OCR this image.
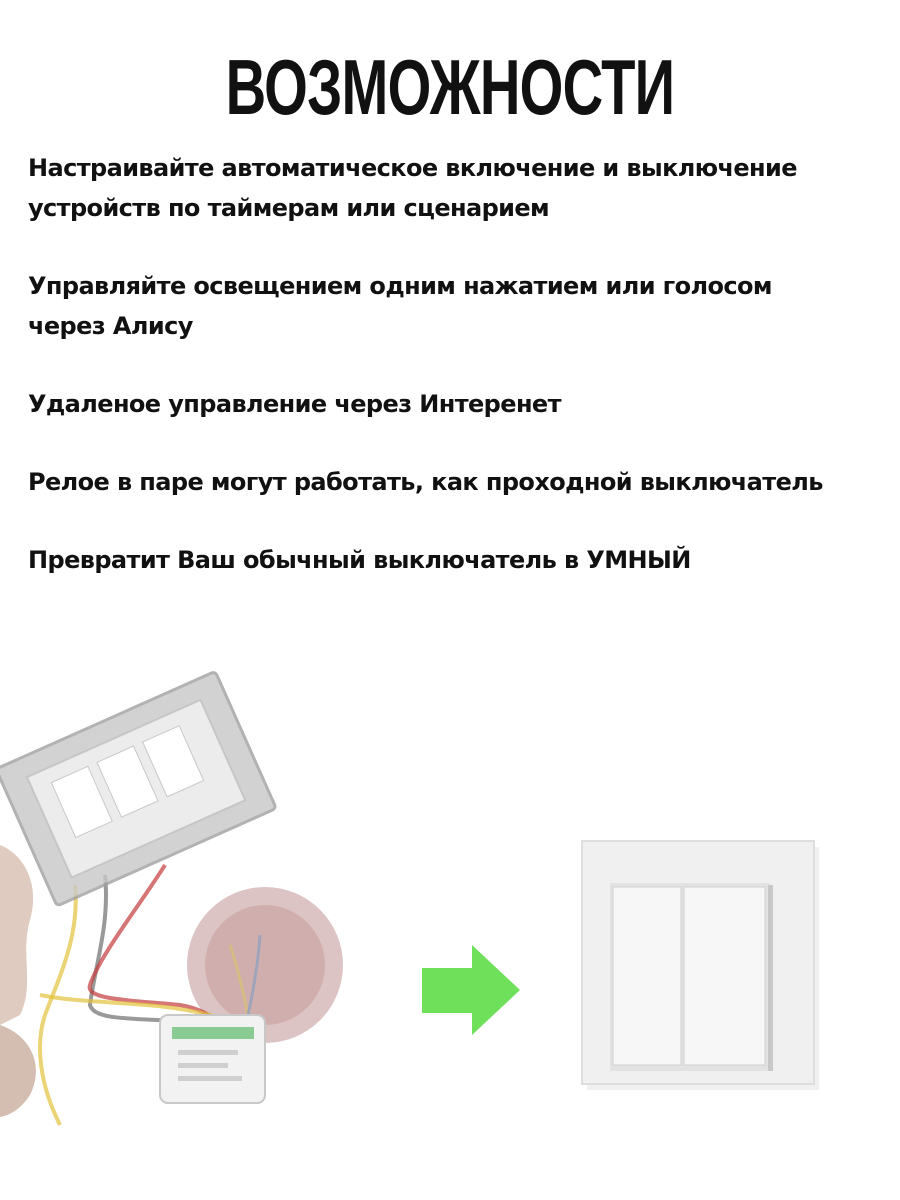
ВОЗМОЖНОСТИ
Настраивайте автоматическое включение и выключение
устройств по таймерам или сценарием
Управляйте освещением одним нажатием или голосом
через Алису
Удаленое управление через Интеренет
Релое в паре могут работать, как проходной выключатель
Превратит Ваш обычный выключатель в УМНЫЙ
